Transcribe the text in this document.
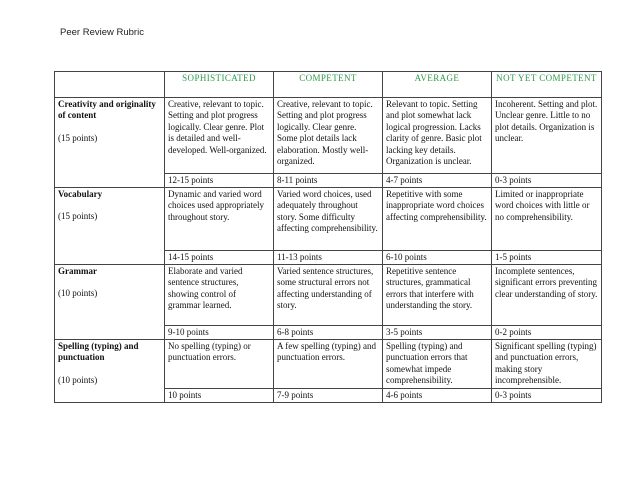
Peer Review Rubric
	SOPHISTICATED	COMPETENT	AVERAGE	NOT YET COMPETENT

Creativity and originality of content
(15 points)	Creative, relevant to topic. Setting and plot progress logically. Clear genre. Plot is detailed and well-developed. Well-organized.	Creative, relevant to topic. Setting and plot progress logically. Clear genre. Some plot details lack elaboration. Mostly well-organized.	Relevant to topic. Setting and plot somewhat lack logical progression. Lacks clarity of genre. Basic plot lacking key details. Organization is unclear.	Incoherent. Setting and plot. Unclear genre. Little to no plot details. Organization is unclear.
	12-15 points	8-11 points	4-7 points	0-3 points

Vocabulary
(15 points)	Dynamic and varied word choices used appropriately throughout story.	Varied word choices, used adequately throughout story. Some difficulty affecting comprehensibility.	Repetitive with some inappropriate word choices affecting comprehensibility.	Limited or inappropriate word choices with little or no comprehensibility.
	14-15 points	11-13 points	6-10 points	1-5 points

Grammar
(10 points)	Elaborate and varied sentence structures, showing control of grammar learned.	Varied sentence structures, some structural errors not affecting understanding of story.	Repetitive sentence structures, grammatical errors that interfere with understanding the story.	Incomplete sentences, significant errors preventing clear understanding of story.
	9-10 points	6-8 points	3-5 points	0-2 points

Spelling (typing) and punctuation
(10 points)	No spelling (typing) or punctuation errors.	A few spelling (typing) and punctuation errors.	Spelling (typing) and punctuation errors that somewhat impede comprehensibility.	Significant spelling (typing) and punctuation errors, making story incomprehensible.
	10 points	7-9 points	4-6 points	0-3 points
